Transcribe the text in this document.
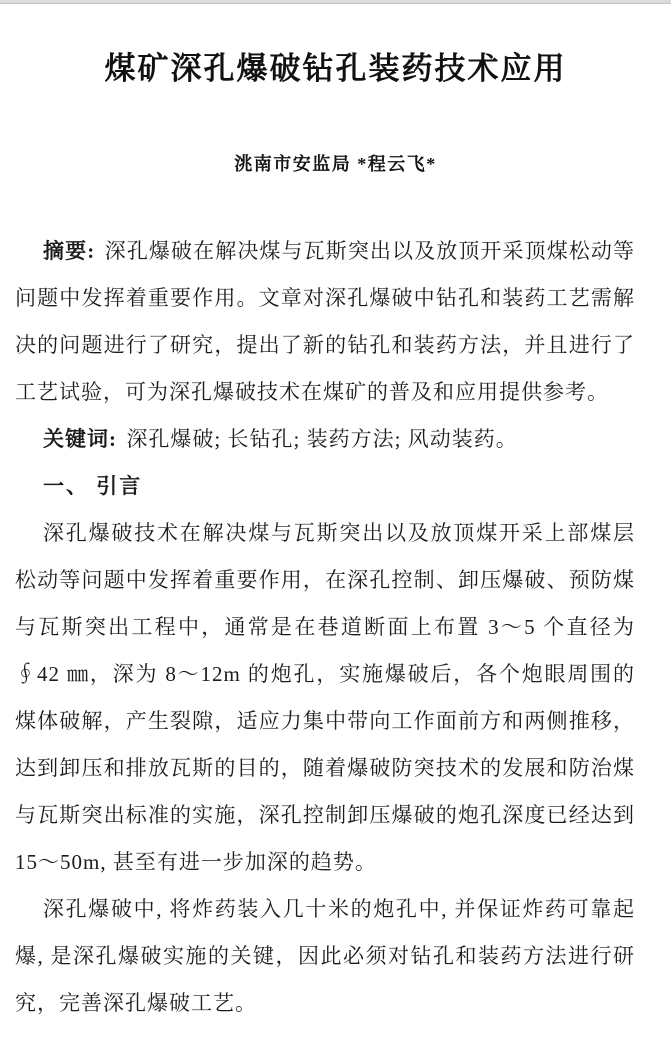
煤矿深孔爆破钻孔装药技术应用

洮南市安监局 *程云飞*

摘要: 深孔爆破在解决煤与瓦斯突出以及放顶开采顶煤松动等问题中发挥着重要作用。文章对深孔爆破中钻孔和装药工艺需解决的问题进行了研究，提出了新的钻孔和装药方法，并且进行了工艺试验，可为深孔爆破技术在煤矿的普及和应用提供参考。

关键词: 深孔爆破; 长钻孔; 装药方法; 风动装药。

一、 引言

深孔爆破技术在解决煤与瓦斯突出以及放顶煤开采上部煤层松动等问题中发挥着重要作用，在深孔控制、卸压爆破、预防煤与瓦斯突出工程中，通常是在巷道断面上布置 3～5 个直径为∮42 ㎜，深为 8～12m 的炮孔，实施爆破后，各个炮眼周围的煤体破解，产生裂隙，适应力集中带向工作面前方和两侧推移，达到卸压和排放瓦斯的目的，随着爆破防突技术的发展和防治煤与瓦斯突出标准的实施，深孔控制卸压爆破的炮孔深度已经达到 15～50m, 甚至有进一步加深的趋势。

深孔爆破中, 将炸药装入几十米的炮孔中, 并保证炸药可靠起爆, 是深孔爆破实施的关键，因此必须对钻孔和装药方法进行研究，完善深孔爆破工艺。
